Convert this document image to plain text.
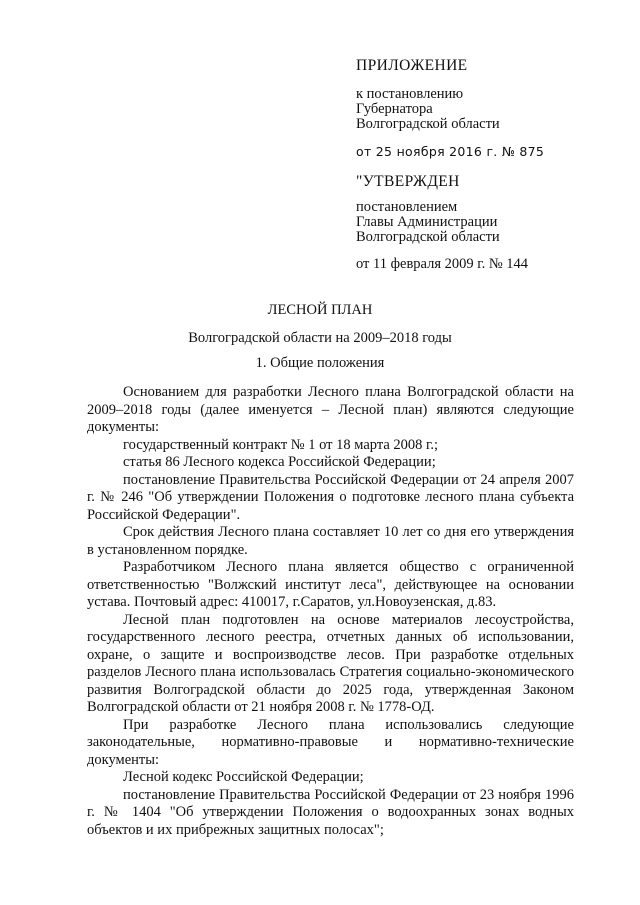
ПРИЛОЖЕНИЕ
к постановлению
Губернатора
Волгоградской области
от 25 ноября 2016 г. № 875
"УТВЕРЖДЕН
постановлением
Главы Администрации
Волгоградской области
от 11 февраля 2009 г. № 144
ЛЕСНОЙ ПЛАН
Волгоградской области на 2009–2018 годы
1. Общие положения

Основанием для разработки Лесного плана Волгоградской области на 2009–2018 годы (далее именуется – Лесной план) являются следующие документы:

государственный контракт № 1 от 18 марта 2008 г.;

статья 86 Лесного кодекса Российской Федерации;

постановление Правительства Российской Федерации от 24 апреля 2007 г. № 246 "Об утверждении Положения о подготовке лесного плана субъекта Российской Федерации".

Срок действия Лесного плана составляет 10 лет со дня его утверждения в установленном порядке.

Разработчиком Лесного плана является общество с ограниченной ответственностью "Волжский институт леса", действующее на основании устава. Почтовый адрес: 410017, г.Саратов, ул.Новоузенская, д.83.

Лесной план подготовлен на основе материалов лесоустройства, государственного лесного реестра, отчетных данных об использовании, охране, о защите и воспроизводстве лесов. При разработке отдельных разделов Лесного плана использовалась Стратегия социально-экономического развития Волгоградской области до 2025 года, утвержденная Законом Волгоградской области от 21 ноября 2008 г. № 1778-ОД.

При разработке Лесного плана использовались следующие законодательные, нормативно-правовые и нормативно-технические документы:

Лесной кодекс Российской Федерации;

постановление Правительства Российской Федерации от 23 ноября 1996 г. № 1404 "Об утверждении Положения о водоохранных зонах водных объектов и их прибрежных защитных полосах";
